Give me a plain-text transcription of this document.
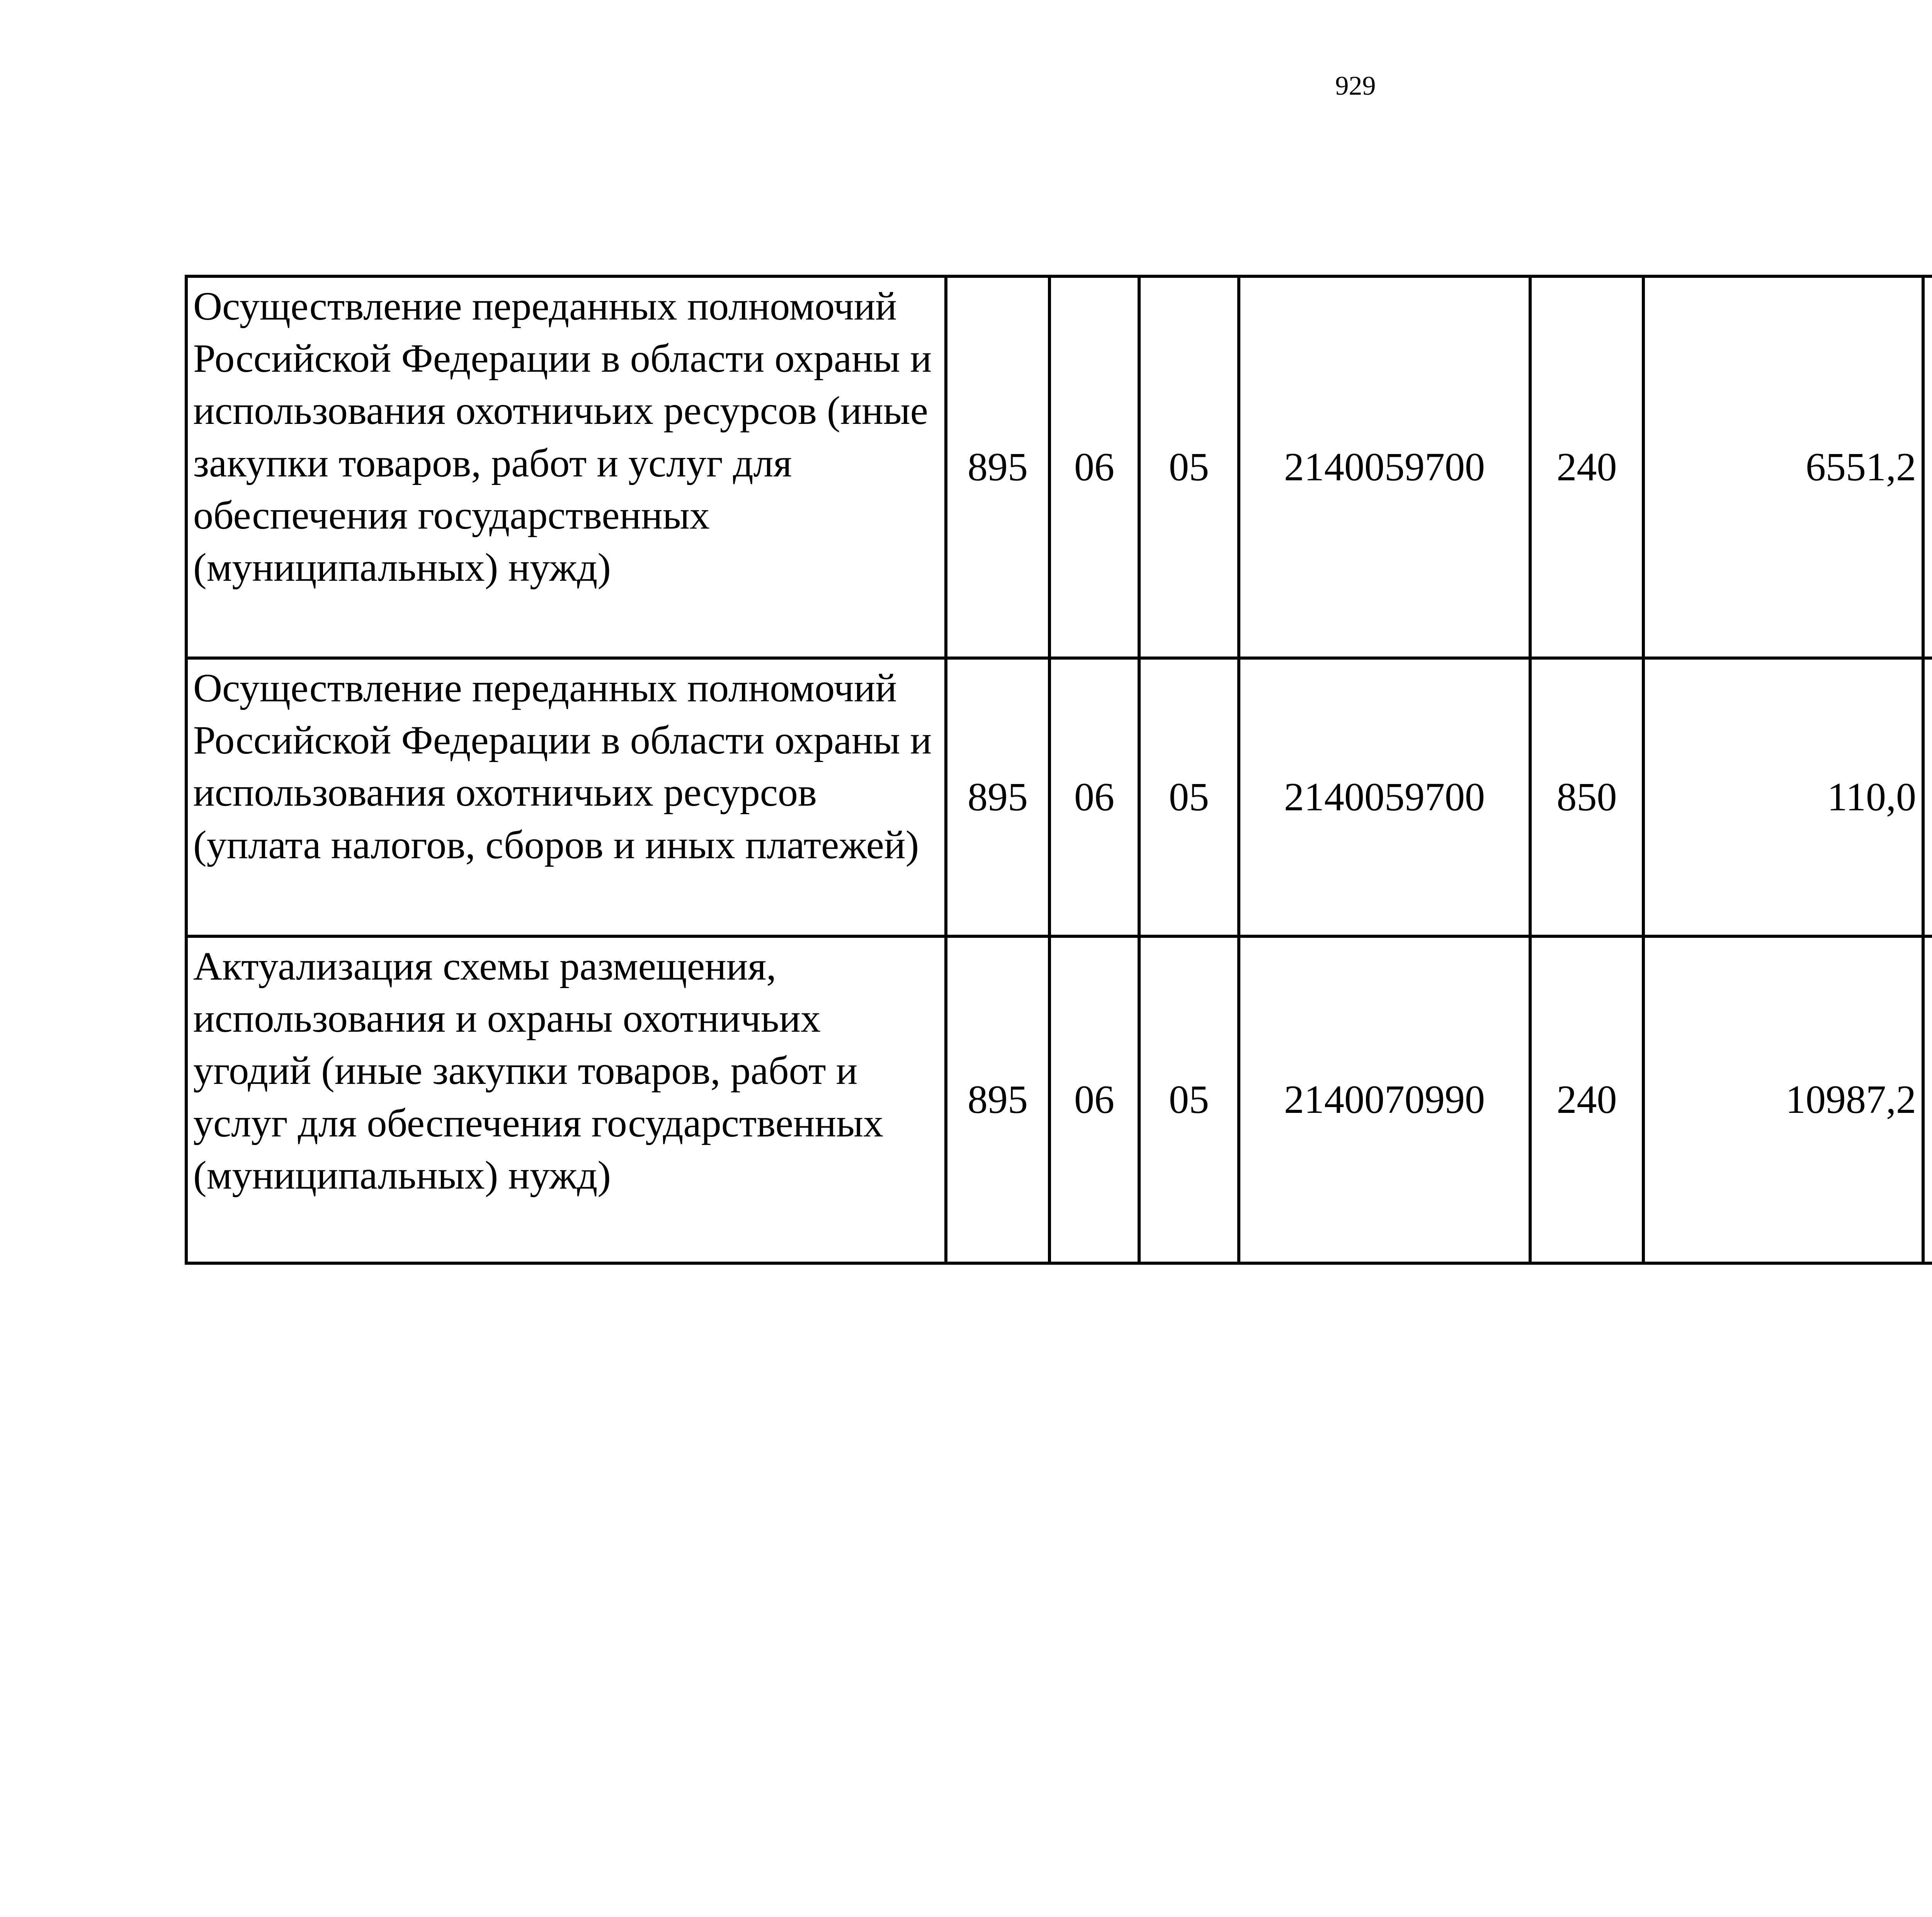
929
Осуществление переданных полномочий Российской Федерации в области охраны и использования охотничьих ресурсов (иные закупки товаров, работ и услуг для обеспечения государственных (муниципальных) нужд)	895	06	05	2140059700	240	6551,2		
Осуществление переданных полномочий Российской Федерации в области охраны и использования охотничьих ресурсов (уплата налогов, сборов и иных платежей)	895	06	05	2140059700	850	110,0		
Актуализация схемы размещения, использования и охраны охотничьих угодий (иные закупки товаров, работ и услуг для обеспечения государственных (муниципальных) нужд)	895	06	05	2140070990	240	10987,2		
